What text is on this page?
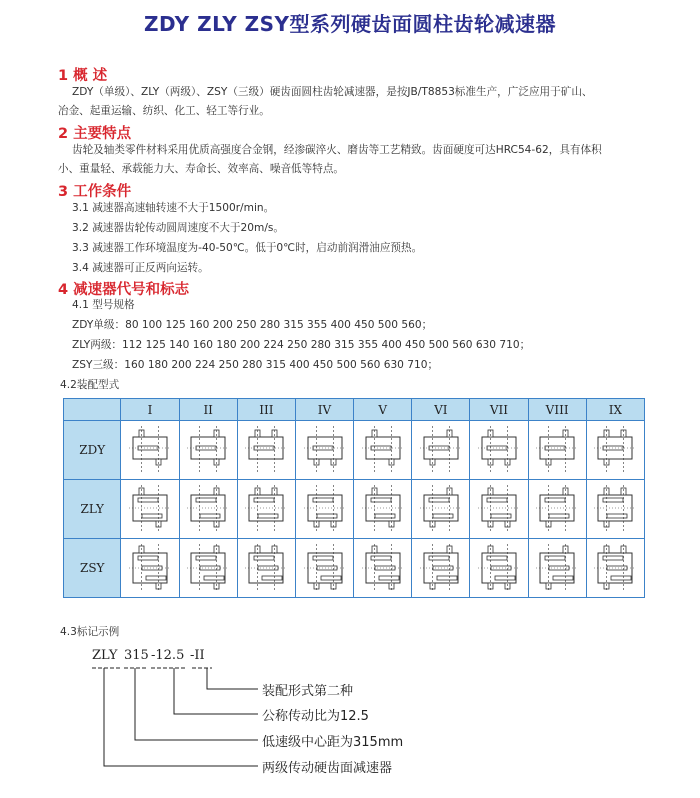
ZDY ZLY ZSY型系列硬齿面圆柱齿轮减速器
1 概 述
ZDY（单级）、ZLY（两级）、ZSY（三级）硬齿面圆柱齿轮减速器，是按JB/T8853标准生产，广泛应用于矿山、
冶金、起重运输、纺织、化工、轻工等行业。
2 主要特点
齿轮及轴类零件材料采用优质高强度合金钢，经渗碳淬火、磨齿等工艺精致。齿面硬度可达HRC54-62，具有体积
小、重量轻、承载能力大、寿命长、效率高、噪音低等特点。
3 工作条件
3.1 减速器高速轴转速不大于1500r/min。
3.2 减速器齿轮传动圆周速度不大于20m/s。
3.3 减速器工作环境温度为-40-50℃。低于0℃时，启动前润滑油应预热。
3.4 减速器可正反两向运转。
4 减速器代号和标志
4.1 型号规格
ZDY单级：80 100 125 160 200 250 280 315 355 400 450 500 560；
ZLY两级：112 125 140 160 180 200 224 250 280 315 355 400 450 500 560 630 710；
ZSY三级：160 180 200 224 250 280 315 400 450 500 560 630 710；
4.2装配型式
	I	II	III	IV	V	VI	VII	VIII	IX
ZDY	

ZLY	

ZSY	

4.3标记示例
ZLY 315 -12.5 -II
装配形式第二种
公称传动比为12.5
低速级中心距为315mm
两级传动硬齿面减速器
